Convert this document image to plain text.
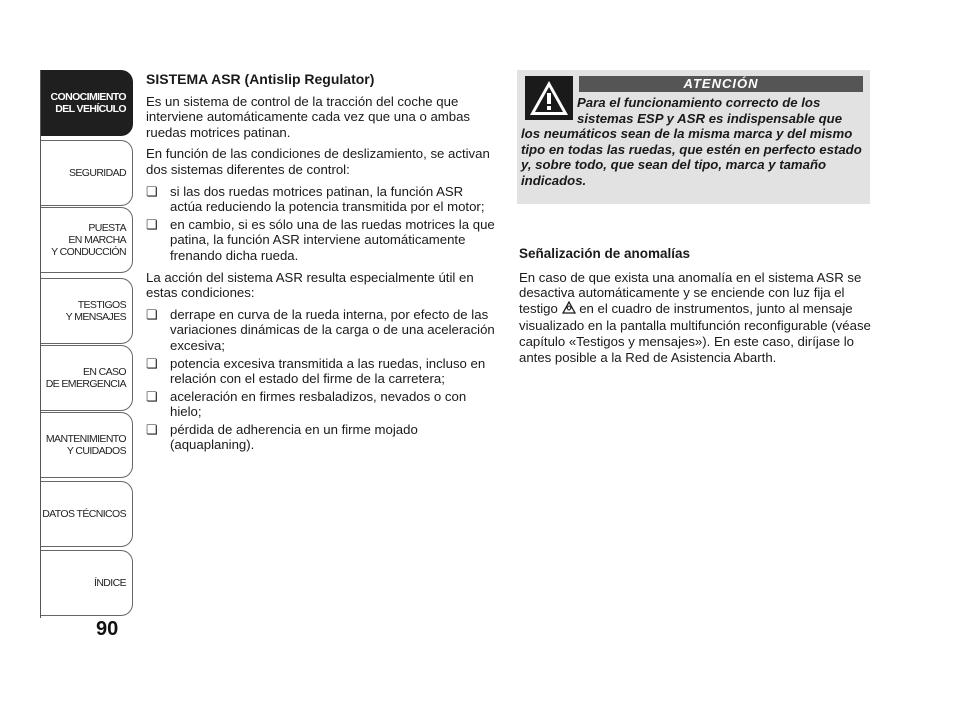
CONOCIMIENTO
DEL VEHÍCULO
SEGURIDAD
PUESTA
EN MARCHA
Y CONDUCCIÓN
TESTIGOS
Y MENSAJES
EN CASO
DE EMERGENCIA
MANTENIMIENTO
Y CUIDADOS
DATOS TÉCNICOS
ÍNDICE
90
SISTEMA ASR (Antislip Regulator)

Es un sistema de control de la tracción del coche que interviene automáticamente cada vez que una o ambas ruedas motrices patinan.

En función de las condiciones de deslizamiento, se activan dos sistemas diferentes de control:

❏ si las dos ruedas motrices patinan, la función ASR actúa reduciendo la potencia transmitida por el motor;
❏ en cambio, si es sólo una de las ruedas motrices la que patina, la función ASR interviene automáticamente frenando dicha rueda.

La acción del sistema ASR resulta especialmente útil en estas condiciones:

❏ derrape en curva de la rueda interna, por efecto de las variaciones dinámicas de la carga o de una aceleración excesiva;
❏ potencia excesiva transmitida a las ruedas, incluso en relación con el estado del firme de la carretera;
❏ aceleración en firmes resbaladizos, nevados o con hielo;
❏ pérdida de adherencia en un firme mojado (aquaplaning).
ATENCIÓN
Para el funcionamiento correcto de los sistemas ESP y ASR es indispensable que
los neumáticos sean de la misma marca y del mismo tipo en todas las ruedas, que estén en perfecto estado y, sobre todo, que sean del tipo, marca y tamaño indicados.
Señalización de anomalías

En caso de que exista una anomalía en el sistema ASR se desactiva automáticamente y se enciende con luz fija el testigo en el cuadro de instrumentos, junto al mensaje visualizado en la pantalla multifunción reconfigurable (véase capítulo «Testigos y mensajes»). En este caso, diríjase lo antes posible a la Red de Asistencia Abarth.
